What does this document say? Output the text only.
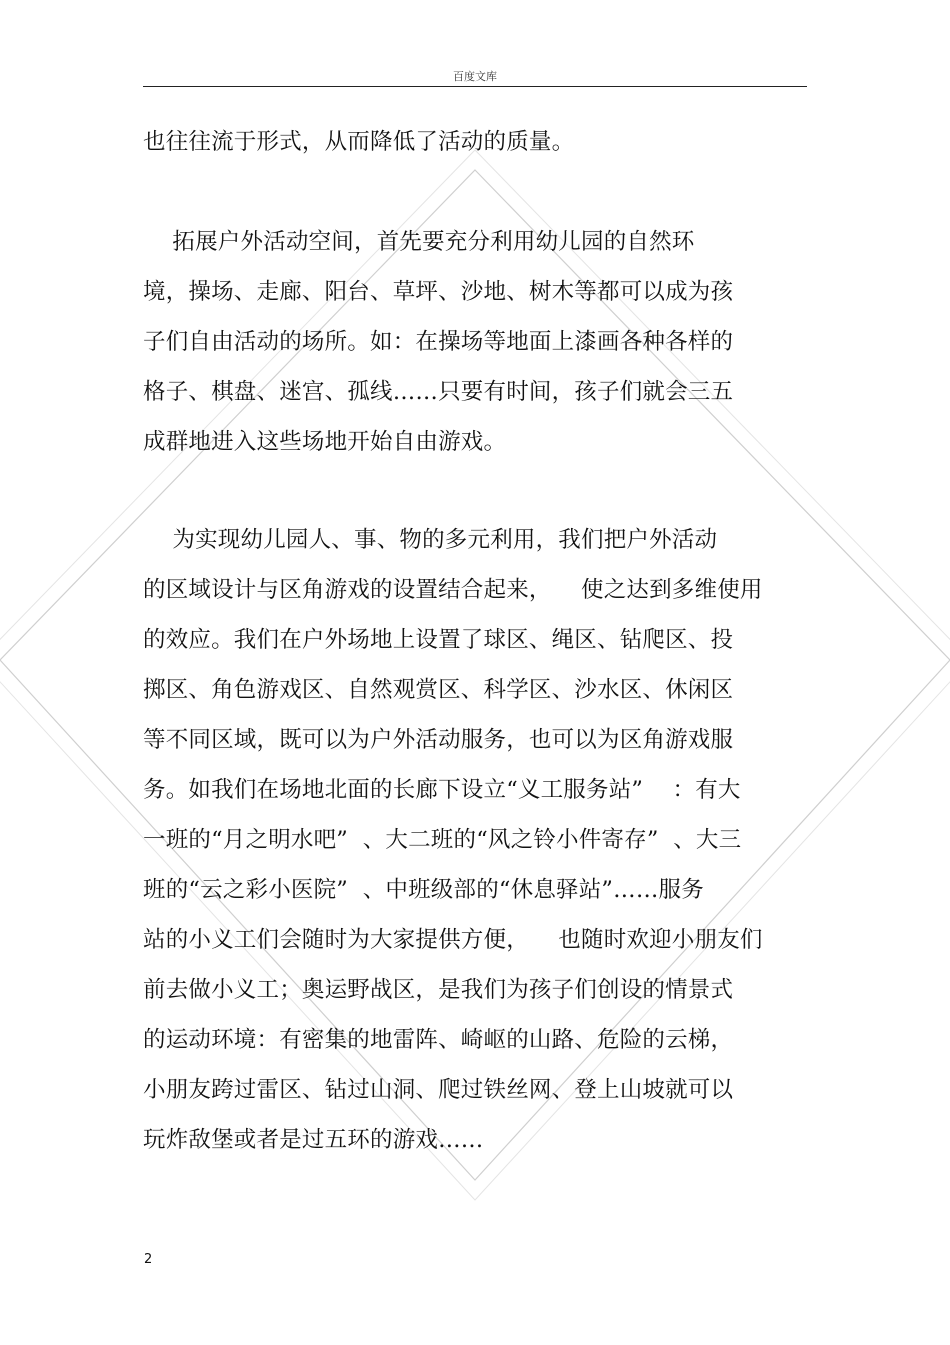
百度文库
也往往流于形式，从而降低了活动的质量。
拓展户外活动空间，首先要充分利用幼儿园的自然环
境，操场、走廊、阳台、草坪、沙地、树木等都可以成为孩
子们自由活动的场所。如：在操场等地面上漆画各种各样的
格子、棋盘、迷宫、孤线……只要有时间，孩子们就会三五
成群地进入这些场地开始自由游戏。
为实现幼儿园人、事、物的多元利用，我们把户外活动
的区域设计与区角游戏的设置结合起来，    使之达到多维使用
的效应。我们在户外场地上设置了球区、绳区、钻爬区、投
掷区、角色游戏区、自然观赏区、科学区、沙水区、休闲区
等不同区域，既可以为户外活动服务，也可以为区角游戏服
务。如我们在场地北面的长廊下设立“义工服务站”    ：有大
一班的“月之明水吧”  、大二班的“风之铃小件寄存”  、大三
班的“云之彩小医院”  、中班级部的“休息驿站”……服务
站的小义工们会随时为大家提供方便，    也随时欢迎小朋友们
前去做小义工；奥运野战区，是我们为孩子们创设的情景式
的运动环境：有密集的地雷阵、崎岖的山路、危险的云梯，
小朋友跨过雷区、钻过山洞、爬过铁丝网、登上山坡就可以
玩炸敌堡或者是过五环的游戏……
2
